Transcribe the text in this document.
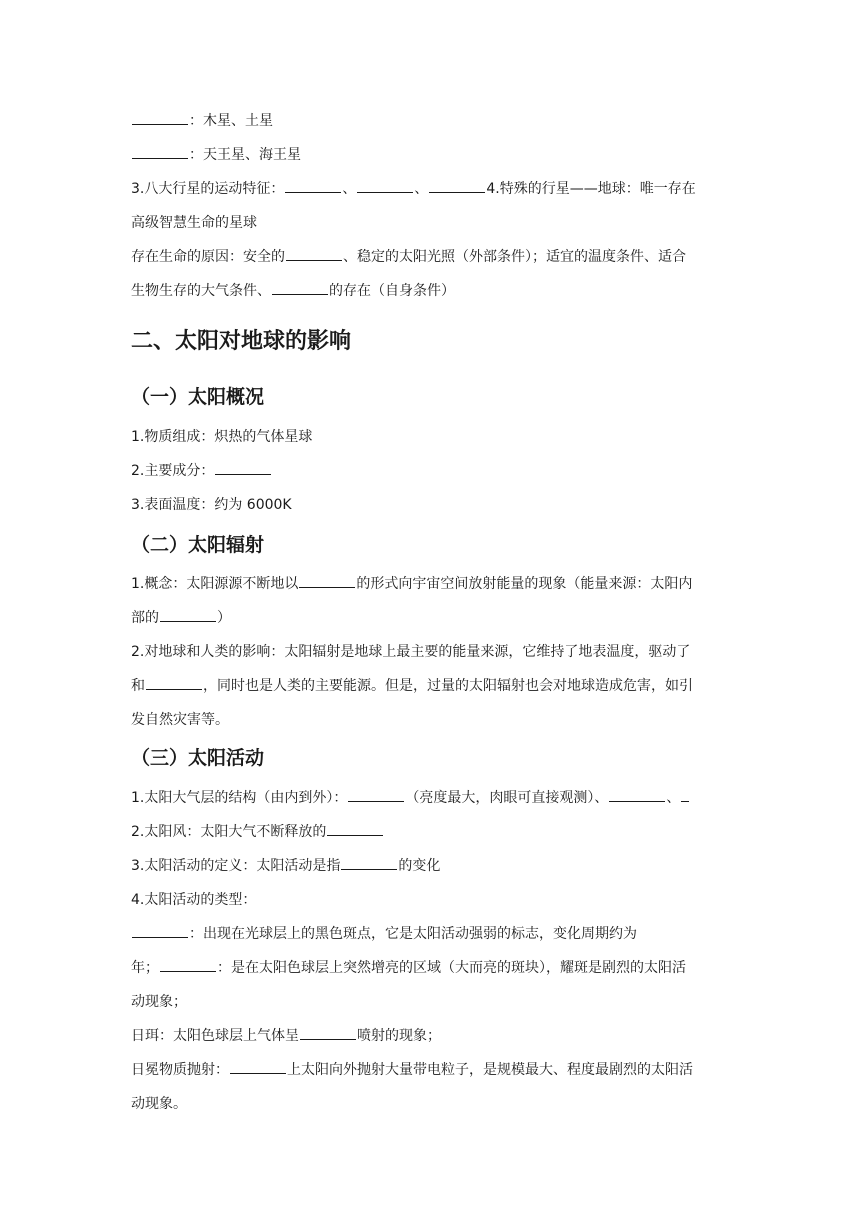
：木星、土星
：天王星、海王星
3.八大行星的运动特征：	、	、	4.特殊的行星——地球：唯一存在
高级智慧生命的星球
存在生命的原因：安全的	、稳定的太阳光照（外部条件）；适宜的温度条件、适合
生物生存的大气条件、	的存在（自身条件）
二、太阳对地球的影响
（一）太阳概况
1.物质组成：炽热的气体星球
2.主要成分：
3.表面温度：约为 6000K
（二）太阳辐射
1.概念：太阳源源不断地以	的形式向宇宙空间放射能量的现象（能量来源：太阳内
部的	）
2.对地球和人类的影响：太阳辐射是地球上最主要的能量来源，它维持了地表温度，驱动了
和	，同时也是人类的主要能源。但是，过量的太阳辐射也会对地球造成危害，如引
发自然灾害等。
（三）太阳活动
1.太阳大气层的结构（由内到外）：	（亮度最大，肉眼可直接观测）、	、
2.太阳风：太阳大气不断释放的
3.太阳活动的定义：太阳活动是指	的变化
4.太阳活动的类型：
：出现在光球层上的黑色斑点，它是太阳活动强弱的标志，变化周期约为
年；	：是在太阳色球层上突然增亮的区域（大而亮的斑块），耀斑是剧烈的太阳活
动现象；
日珥：太阳色球层上气体呈	喷射的现象；
日冕物质抛射：	上太阳向外抛射大量带电粒子，是规模最大、程度最剧烈的太阳活
动现象。
